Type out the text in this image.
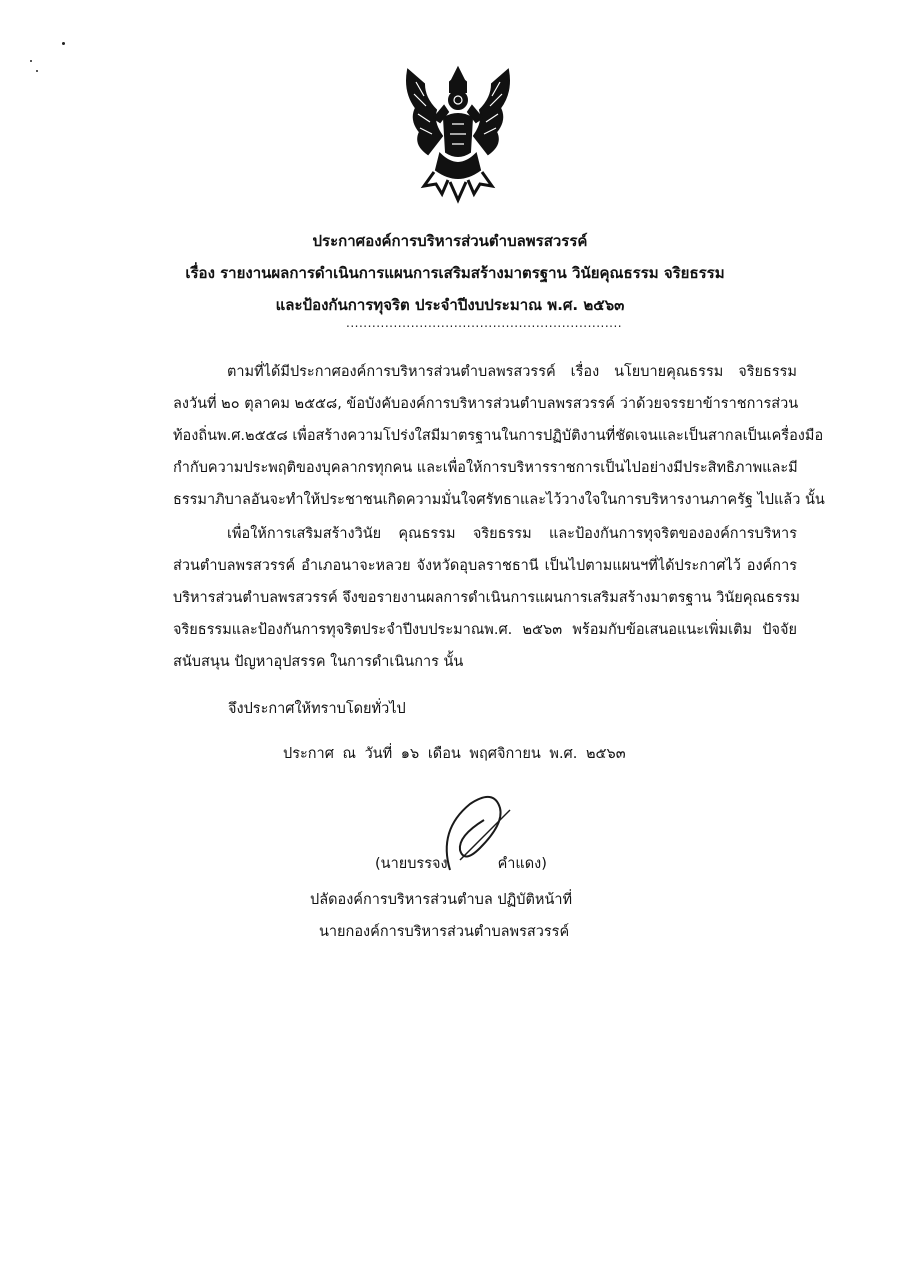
ประกาศองค์การบริหารส่วนตำบลพรสวรรค์
เรื่อง รายงานผลการดำเนินการแผนการเสริมสร้างมาตรฐาน วินัยคุณธรรม จริยธรรม
และป้องกันการทุจริต ประจำปีงบประมาณ พ.ศ. ๒๕๖๓
................................................................
ตามที่ได้มีประกาศองค์การบริหารส่วนตำบลพรสวรรค์ เรื่อง นโยบายคุณธรรม จริยธรรม
ลงวันที่ ๒๐ ตุลาคม ๒๕๕๘, ข้อบังคับองค์การบริหารส่วนตำบลพรสวรรค์ ว่าด้วยจรรยาข้าราชการส่วน
ท้องถิ่นพ.ศ.๒๕๕๘ เพื่อสร้างความโปร่งใสมีมาตรฐานในการปฏิบัติงานที่ชัดเจนและเป็นสากลเป็นเครื่องมือ
กำกับความประพฤติของบุคลากรทุกคน และเพื่อให้การบริหารราชการเป็นไปอย่างมีประสิทธิภาพและมี
ธรรมาภิบาลอันจะทำให้ประชาชนเกิดความมั่นใจศรัทธาและไว้วางใจในการบริหารงานภาครัฐ ไปแล้ว นั้น
เพื่อให้การเสริมสร้างวินัย คุณธรรม จริยธรรม และป้องกันการทุจริตขององค์การบริหาร
ส่วนตำบลพรสวรรค์ อำเภอนาจะหลวย จังหวัดอุบลราชธานี เป็นไปตามแผนฯที่ได้ประกาศไว้ องค์การ
บริหารส่วนตำบลพรสวรรค์ จึงขอรายงานผลการดำเนินการแผนการเสริมสร้างมาตรฐาน วินัยคุณธรรม
จริยธรรมและป้องกันการทุจริตประจำปีงบประมาณพ.ศ. ๒๕๖๓ พร้อมกับข้อเสนอแนะเพิ่มเติม ปัจจัย
สนับสนุน ปัญหาอุปสรรค ในการดำเนินการ นั้น
จึงประกาศให้ทราบโดยทั่วไป
ประกาศ ณ วันที่ ๑๖ เดือน พฤศจิกายน พ.ศ. ๒๕๖๓
(นายบรรจง	คำแดง)
ปลัดองค์การบริหารส่วนตำบล ปฏิบัติหน้าที่
นายกองค์การบริหารส่วนตำบลพรสวรรค์
